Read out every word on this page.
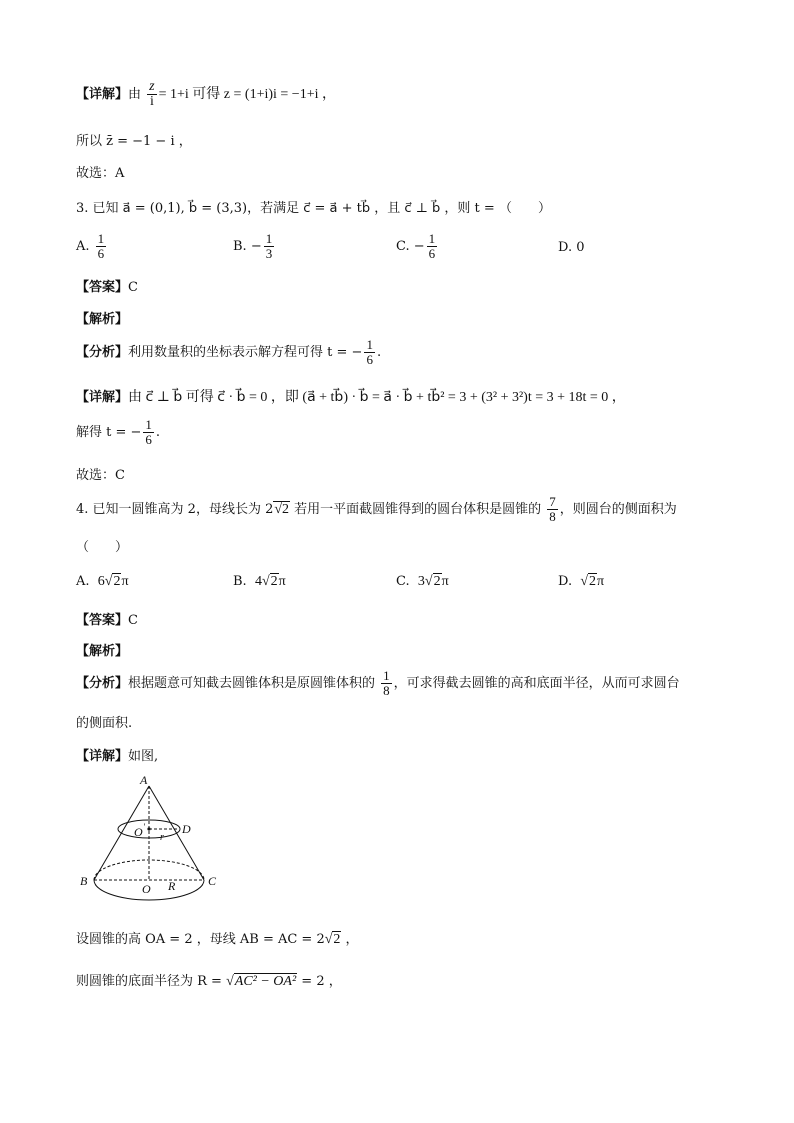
【详解】由 $\frac{z}{i} = 1+i$ 可得 z = (1+i)i = −1+i ，
所以 z̄ = −1 − i ，
故选：A
3. 已知 a⃗ = (0,1), b⃗ = (3,3)，若满足 c⃗ = a⃗ + tb⃗ ，且 c⃗ ⊥ b⃗ ，则 t = （　　）
A. $\frac{1}{6}$	B. − $\frac{1}{3}$	C. − $\frac{1}{6}$	D. 0
【答案】C
【解析】
【分析】利用数量积的坐标表示解方程可得 t = − $\frac{1}{6}$ .
【详解】由 c⃗ ⊥ b⃗ 可得 c⃗ · b⃗ = 0 ，即 (a⃗ + tb⃗) · b⃗ = a⃗ · b⃗ + tb⃗² = 3 + (3² + 3²)t = 3 + 18t = 0 ，
解得 t = − $\frac{1}{6}$ .
故选：C
4. 已知一圆锥高为 2，母线长为 2√2 若用一平面截圆锥得到的圆台体积是圆锥的 $\frac{7}{8}$ ，则圆台的侧面积为
（　　）
A. 6√2π	B. 4√2π	C. 3√2π	D. √2π
【答案】C
【解析】
【分析】根据题意可知截去圆锥体积是原圆锥体积的 $\frac{1}{8}$ ，可求得截去圆锥的高和底面半径，从而可求圆台
的侧面积.
【详解】如图,
A
D
O ′
r
B	C
O R
设圆锥的高 OA = 2 ，母线 AB = AC = 2√2 ，
则圆锥的底面半径为 R = √AC² − OA² = 2 ，
